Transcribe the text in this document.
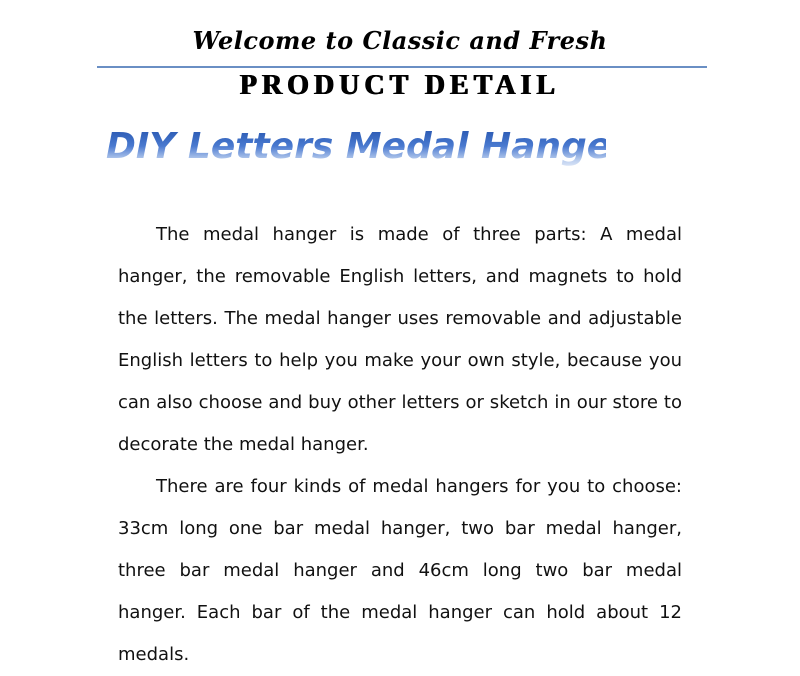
Welcome to Classic and Fresh
PRODUCT DETAIL
DIY Letters Medal Hanger

The medal hanger is made of three parts: A medal hanger, the removable English letters, and magnets to hold the letters. The medal hanger uses removable and adjustable English letters to help you make your own style, because you can also choose and buy other letters or sketch in our store to decorate the medal hanger.

There are four kinds of medal hangers for you to choose: 33cm long one bar medal hanger, two bar medal hanger, three bar medal hanger and 46cm long two bar medal hanger. Each bar of the medal hanger can hold about 12 medals.
